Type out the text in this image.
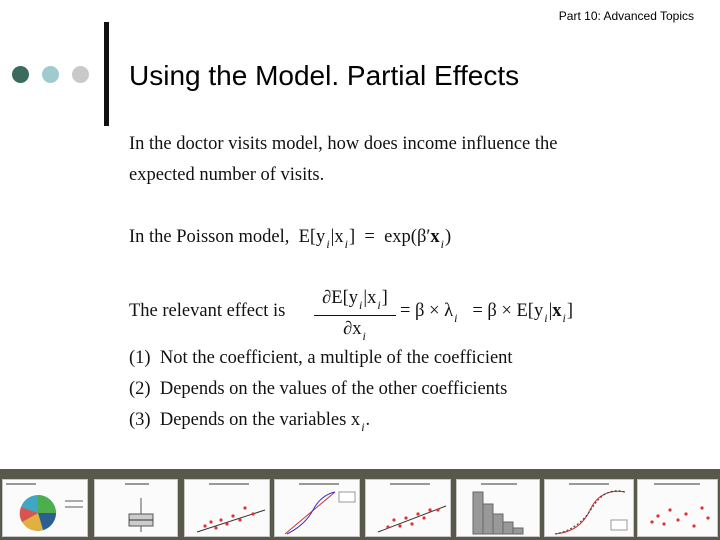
Part 10: Advanced Topics
Using the Model. Partial Effects
In the doctor visits model, how does income influence the
expected number of visits.
In the Poisson model, $E[y_i|x_i] = \exp(\beta'x_i)$
The relevant effect is
$\partial E[y_i|x_i]$
$\partial x_i$
= $\beta \times \lambda_i = \beta \times E[y_i|x_i]$
(1) Not the coefficient, a multiple of the coefficient
(2) Depends on the values of the other coefficients
(3) Depends on the variables $x_i$.
